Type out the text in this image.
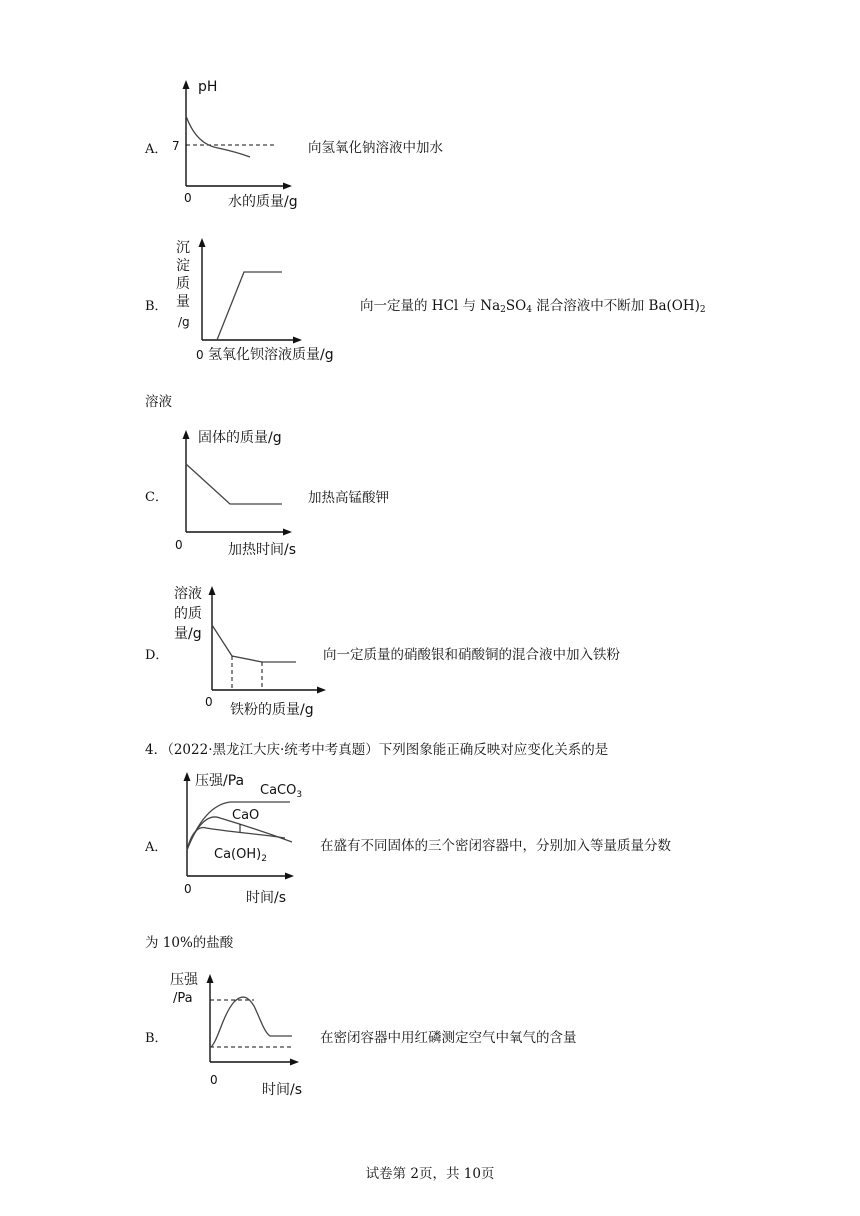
A．
pH
7
0	水的质量/g
向氢氧化钠溶液中加水
B．
沉
淀
质
量
/g
0 氢氧化钡溶液质量/g
向一定量的 HCl 与 $Na_2SO_4$ 混合溶液中不断加 $Ba(OH)_2$
溶液
C．
固体的质量/g
0	加热时间/s
加热高锰酸钾
D．
溶液
的质
量/g
0 铁粉的质量/g
向一定质量的硝酸银和硝酸铜的混合液中加入铁粉
4．（2022·黑龙江大庆·统考中考真题）下列图象能正确反映对应变化关系的是
A．
压强/Pa
CaCO$_3$
CaO
$Ca(OH)_2$
0
时间/s
在盛有不同固体的三个密闭容器中，分别加入等量质量分数
为 10%的盐酸
B．
压强
/Pa
0
时间/s
在密闭容器中用红磷测定空气中氧气的含量
试卷第 2页，共 10页
